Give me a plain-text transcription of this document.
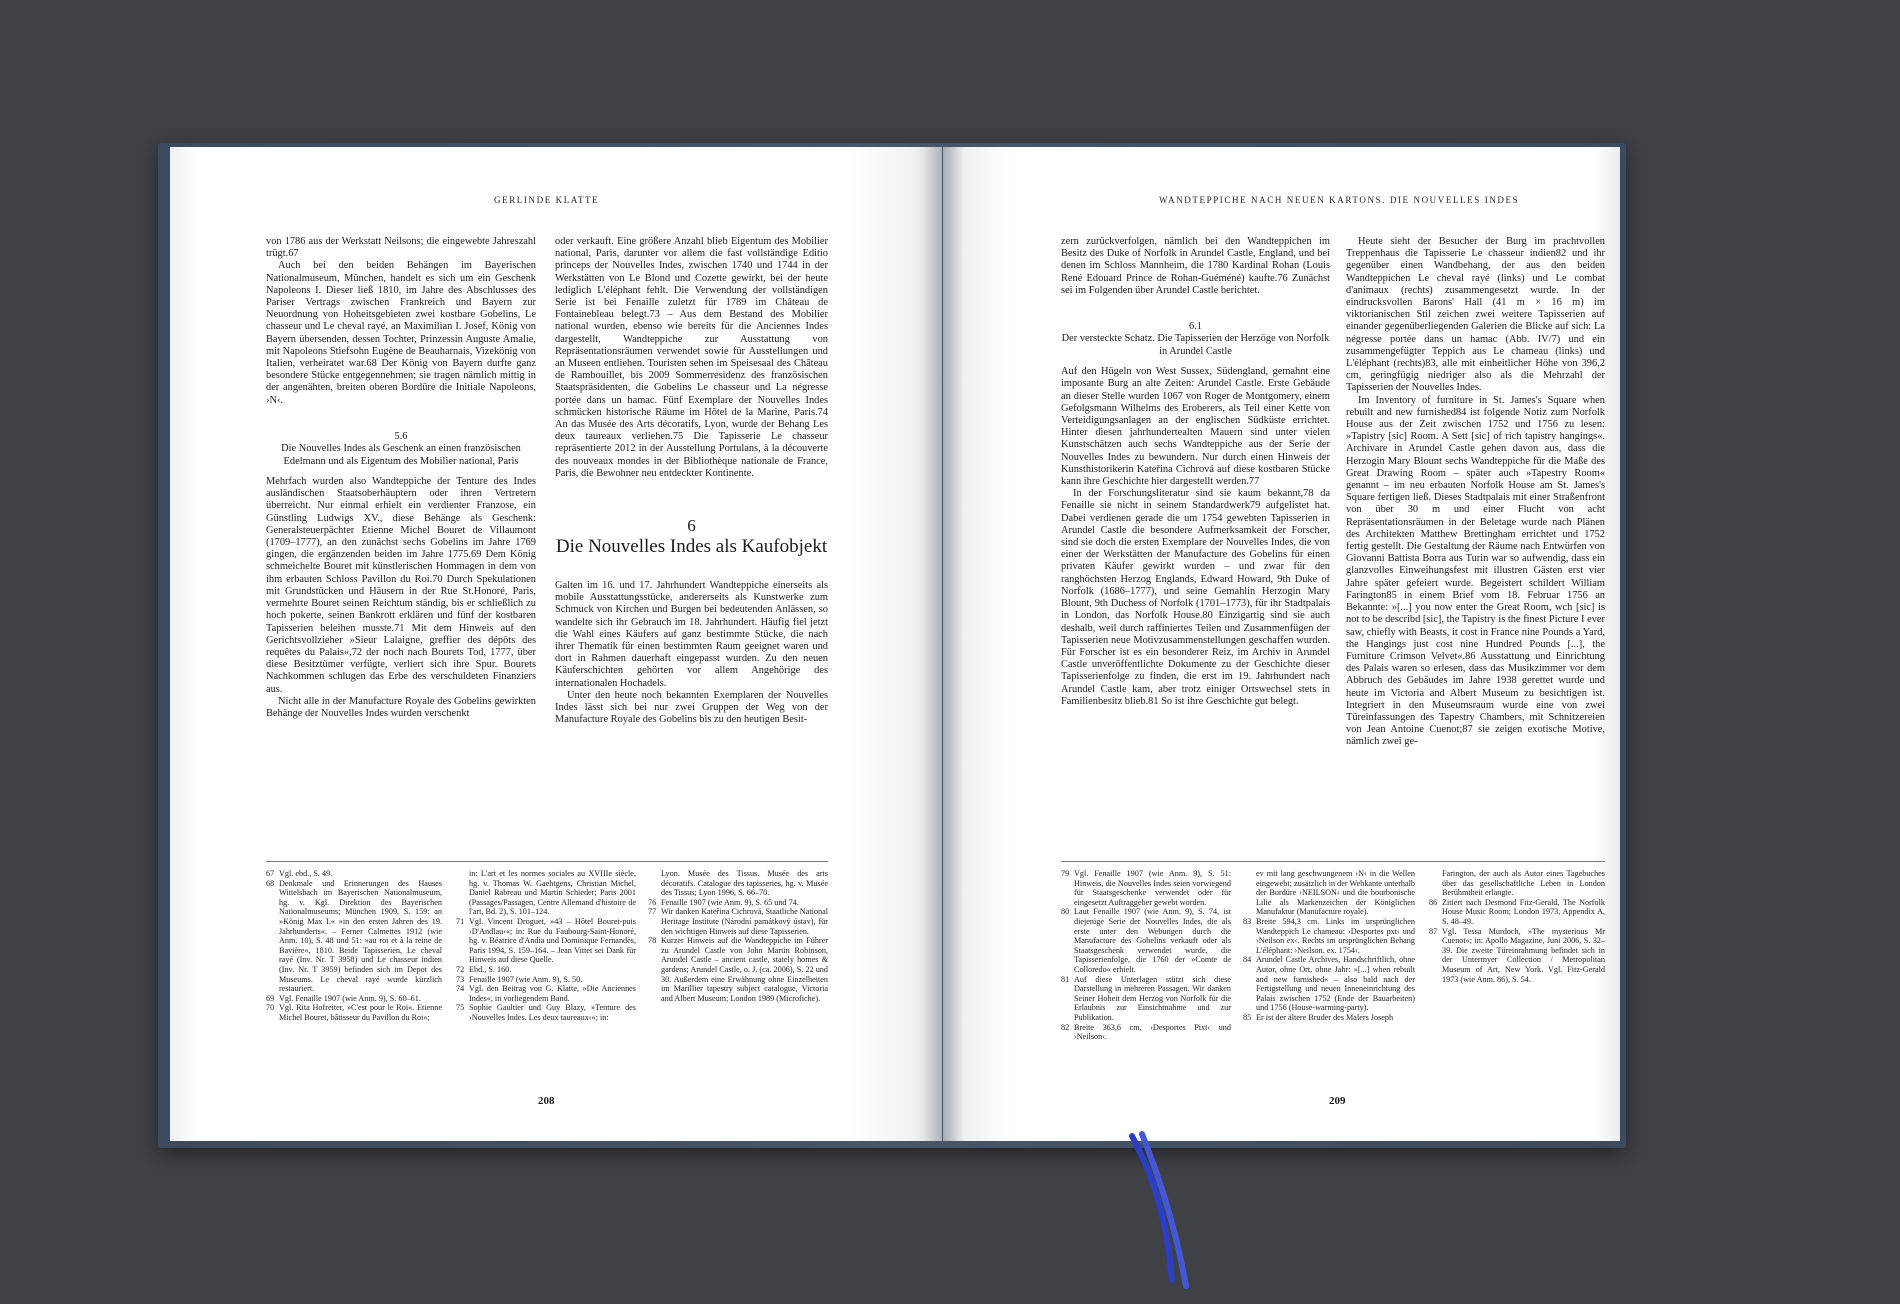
GERLINDE KLATTE

von 1786 aus der Werkstatt Neilsons; die eingewebte Jahreszahl trügt.67

Auch bei den beiden Behängen im Bayerischen Nationalmuseum, München, handelt es sich um ein Geschenk Napoleons I. Dieser ließ 1810, im Jahre des Abschlusses des Pariser Vertrags zwischen Frankreich und Bayern zur Neuordnung von Hoheitsgebieten zwei kostbare Gobelins, Le chasseur und Le cheval rayé, an Maximilian I. Josef, König von Bayern übersenden, dessen Tochter, Prinzessin Auguste Amalie, mit Napoleons Stiefsohn Eugène de Beauharnais, Vizekönig von Italien, verheiratet war.68 Der König von Bayern durfte ganz besondere Stücke entgegennehmen; sie tragen nämlich mittig in der angenähten, breiten oberen Bordüre die Initiale Napoleons, ›N‹.

5.6
Die Nouvelles Indes als Geschenk an einen französischen Edelmann und als Eigentum des Mobilier national, Paris

Mehrfach wurden also Wandteppiche der Tenture des Indes ausländischen Staatsoberhäuptern oder ihren Vertretern überreicht. Nur einmal erhielt ein verdienter Franzose, ein Günstling Ludwigs XV., diese Behänge als Geschenk: Generalsteuerpächter Etienne Michel Bouret de Villaumont (1709–1777), an den zunächst sechs Gobelins im Jahre 1769 gingen, die ergänzenden beiden im Jahre 1775.69 Dem König schmeichelte Bouret mit künstlerischen Hommagen in dem von ihm erbauten Schloss Pavillon du Roi.70 Durch Spekulationen mit Grundstücken und Häusern in der Rue St.Honoré, Paris, vermehrte Bouret seinen Reichtum ständig, bis er schließlich zu hoch pokerte, seinen Bankrott erklären und fünf der kostbaren Tapisserien beleihen musste.71 Mit dem Hinweis auf den Gerichtsvollzieher »Sieur Lalaigne, greffier des dépôts des requêtes du Palais«,72 der noch nach Bourets Tod, 1777, über diese Besitztümer verfügte, verliert sich ihre Spur. Bourets Nachkommen schlugen das Erbe des verschuldeten Finanziers aus.

Nicht alle in der Manufacture Royale des Gobelins gewirkten Behänge der Nouvelles Indes wurden verschenkt

oder verkauft. Eine größere Anzahl blieb Eigentum des Mobilier national, Paris, darunter vor allem die fast vollständige Editio princeps der Nouvelles Indes, zwischen 1740 und 1744 in der Werkstätten von Le Blond und Cozette gewirkt, bei der heute lediglich L'éléphant fehlt. Die Verwendung der vollständigen Serie ist bei Fenaille zuletzt für 1789 im Château de Fontainebleau belegt.73 – Aus dem Bestand des Mobilier national wurden, ebenso wie bereits für die Anciennes Indes dargestellt, Wandteppiche zur Ausstattung von Repräsentationsräumen verwendet sowie für Ausstellungen und an Museen entliehen. Touristen sehen im Speisesaal des Château de Rambouillet, bis 2009 Sommerresidenz des französischen Staatspräsidenten, die Gobelins Le chasseur und La négresse portée dans un hamac. Fünf Exemplare der Nouvelles Indes schmücken historische Räume im Hôtel de la Marine, Paris.74 An das Musée des Arts décoratifs, Lyon, wurde der Behang Les deux taureaux verliehen.75 Die Tapisserie Le chasseur repräsentierte 2012 in der Ausstellung Portulans, à la découverte des nouveaux mondes in der Bibliothèque nationale de France, Paris, die Bewohner neu entdeckter Kontinente.

6
Die Nouvelles Indes als Kaufobjekt

Galten im 16. und 17. Jahrhundert Wandteppiche einerseits als mobile Ausstattungsstücke, andererseits als Kunstwerke zum Schmuck von Kirchen und Burgen bei bedeutenden Anlässen, so wandelte sich ihr Gebrauch im 18. Jahrhundert. Häufig fiel jetzt die Wahl eines Käufers auf ganz bestimmte Stücke, die nach ihrer Thematik für einen bestimmten Raum geeignet waren und dort in Rahmen dauerhaft eingepasst wurden. Zu den neuen Käuferschichten gehörten vor allem Angehörige des internationalen Hochadels.

Unter den heute noch bekannten Exemplaren der Nouvelles Indes lässt sich bei nur zwei Gruppen der Weg von der Manufacture Royale des Gobelins bis zu den heutigen Besit-

67 Vgl. ebd., S. 49.
68 Denkmale und Erinnerungen des Hauses Wittelsbach im Bayerischen Nationalmuseum, hg. v. Kgl. Direktion des Bayerischen Nationalmuseums; München 1909, S. 159: an »König Max I.« »in den ersten Jahren des 19. Jahrhunderts«. – Ferner Calmettes 1912 (wie Anm. 10), S. 48 und 51: »au roi et à la reine de Bavière«, 1810. Beide Tapisserien, Le cheval rayé (Inv. Nr. T 3958) und Le chasseur indien (Inv. Nr. T 3959) befinden sich im Depot des Museums. Le cheval rayé wurde kürzlich restauriert.
69 Vgl. Fenaille 1907 (wie Anm. 9), S. 60–61.
70 Vgl. Rita Hofreiter, »C'est pour le Roi«. Etienne Michel Bouret, bâtisseur du Pavillon du Roi«;
in: L'art et les normes sociales au XVIIIe siècle, hg. v. Thomas W. Gaehtgens, Christian Michel, Daniel Rabreau und Martin Schieder; Paris 2001 (Passages/Passagen, Centre Allemand d'histoire de l'art, Bd. 2), S. 101–124.
71 Vgl. Vincent Droguet, »43 – Hôtel Bouret-puis ›D'Andlau‹«; in: Rue du Faubourg-Saint-Honoré, hg. v. Béatrice d'Andia und Dominique Fernandès, Paris 1994, S. 159–164. – Jean Vittet sei Dank für Hinweis auf diese Quelle.
72 Ebd., S. 160.
73 Fenaille 1907 (wie Anm. 9), S. 50.
74 Vgl. den Beitrag von G. Klatte, »Die Anciennes Indes«, in vorliegendem Band.
75 Sophie Gaultier und Guy Blazy, »Tenture des ›Nouvelles Indes. Les deux taureaux‹«; in:
Lyon. Musée des Tissus. Musée des arts décoratifs. Catalogue des tapisseries, hg. v. Musée des Tissus; Lyon 1996, S. 66–70.
76 Fenaille 1907 (wie Anm. 9), S. 65 und 74.
77 Wir danken Kateřina Cichrová, Staatliche National Heritage Institute (Národní památkový ústav), für den wichtigen Hinweis auf diese Tapisserien.
78 Kurzer Hinweis auf die Wandteppiche im Führer zu Arundel Castle von John Martin Robinson, Arundel Castle – ancient castle, stately homes & gardens; Arundel Castle, o. J. (ca. 2006), S. 22 und 30. Außerdem eine Erwähnung ohne Einzelheiten im Marillier tapestry subject catalogue, Victoria and Albert Museum; London 1989 (Microfiche).
208
WANDTEPPICHE NACH NEUEN KARTONS. DIE NOUVELLES INDES

zern zurückverfolgen, nämlich bei den Wandteppichen im Besitz des Duke of Norfolk in Arundel Castle, England, und bei denen im Schloss Mannheim, die 1780 Kardinal Rohan (Louis René Edouard Prince de Rohan-Guéméné) kaufte.76 Zunächst sei im Folgenden über Arundel Castle berichtet.

6.1
Der versteckte Schatz. Die Tapisserien der Herzöge von Norfolk in Arundel Castle

Auf den Hügeln von West Sussex, Südengland, gemahnt eine imposante Burg an alte Zeiten: Arundel Castle. Erste Gebäude an dieser Stelle wurden 1067 von Roger de Montgomery, einem Gefolgsmann Wilhelms des Eroberers, als Teil einer Kette von Verteidigungsanlagen an der englischen Südküste errichtet. Hinter diesen jahrhundertealten Mauern sind unter vielen Kunstschätzen auch sechs Wandteppiche aus der Serie der Nouvelles Indes zu bewundern. Nur durch einen Hinweis der Kunsthistorikerin Kateřina Cichrová auf diese kostbaren Stücke kann ihre Geschichte hier dargestellt werden.77

In der Forschungsliteratur sind sie kaum bekannt,78 da Fenaille sie nicht in seinem Standardwerk79 aufgelistet hat. Dabei verdienen gerade die um 1754 gewebten Tapisserien in Arundel Castle die besondere Aufmerksamkeit der Forscher, sind sie doch die ersten Exemplare der Nouvelles Indes, die von einer der Werkstätten der Manufacture des Gobelins für einen privaten Käufer gewirkt wurden – und zwar für den ranghöchsten Herzog Englands, Edward Howard, 9th Duke of Norfolk (1686–1777), und seine Gemahlin Herzogin Mary Blount, 9th Duchess of Norfolk (1701–1773), für ihr Stadtpalais in London, das Norfolk House.80 Einzigartig sind sie auch deshalb, weil durch raffiniertes Teilen und Zusammenfügen der Tapisserien neue Motivzusammenstellungen geschaffen wurden. Für Forscher ist es ein besonderer Reiz, im Archiv in Arundel Castle unveröffentlichte Dokumente zu der Geschichte dieser Tapisserienfolge zu finden, die erst im 19. Jahrhundert nach Arundel Castle kam, aber trotz einiger Ortswechsel stets in Familienbesitz blieb.81 So ist ihre Geschichte gut belegt.

Heute sieht der Besucher der Burg im prachtvollen Treppenhaus die Tapisserie Le chasseur indien82 und ihr gegenüber einen Wandbehang, der aus den beiden Wandteppichen Le cheval rayé (links) und Le combat d'animaux (rechts) zusammengesetzt wurde. In der eindrucksvollen Barons' Hall (41 m × 16 m) im viktorianischen Stil zeichen zwei weitere Tapisserien auf einander gegenüberliegenden Galerien die Blicke auf sich: La négresse portée dans un hamac (Abb. IV/7) und ein zusammengefügter Teppich aus Le chameau (links) und L'éléphant (rechts)83, alle mit einheitlicher Höhe von 396,2 cm, geringfügig niedriger also als die Mehrzahl der Tapisserien der Nouvelles Indes.

Im Inventory of furniture in St. James's Square when rebuilt and new furnished84 ist folgende Notiz zum Norfolk House aus der Zeit zwischen 1752 und 1756 zu lesen: »Tapistry [sic] Room. A Sett [sic] of rich tapistry hangings«. Archivare in Arundel Castle gehen davon aus, dass die Herzogin Mary Blount sechs Wandteppiche für die Maße des Great Drawing Room – später auch »Tapestry Room« genannt – im neu erbauten Norfolk House am St. James's Square fertigen ließ. Dieses Stadtpalais mit einer Straßenfront von über 30 m und einer Flucht von acht Repräsentationsräumen in der Beletage wurde nach Plänen des Architekten Matthew Brettingham errichtet und 1752 fertig gestellt. Die Gestaltung der Räume nach Entwürfen von Giovanni Battista Borra aus Turin war so aufwendig, dass ein glanzvolles Einweihungsfest mit illustren Gästen erst vier Jahre später gefeiert wurde. Begeistert schildert William Farington85 in einem Brief vom 18. Februar 1756 an Bekannte: »[...] you now enter the Great Room, wch [sic] is not to be describd [sic], the Tapistry is the finest Picture I ever saw, chiefly with Beasts, it cost in France nine Pounds a Yard, the Hangings just cost nine Hundred Pounds [...], the Furniture Crimson Velvet«.86 Ausstattung und Einrichtung des Palais waren so erlesen, dass das Musikzimmer vor dem Abbruch des Gebäudes im Jahre 1938 gerettet wurde und heute im Victoria and Albert Museum zu besichtigen ist. Integriert in den Museumsraum wurde eine von zwei Türeinfassungen des Tapestry Chambers, mit Schnitzereien von Jean Antoine Cuenot;87 sie zeigen exotische Motive, nämlich zwei ge-

79 Vgl. Fenaille 1907 (wie Anm. 9), S. 51: Hinweis, die Nouvelles Indes seien vorwiegend für Staatsgeschenke verwendet oder für eingesetzt Auftraggeber gewebt worden.
80 Laut Fenaille 1907 (wie Anm. 9), S. 74, ist diejenige Serie der Nouvelles Indes, die als erste unter den Webungen durch die Manufacture des Gobelins verkauft oder als Staatsgeschenk verwendet wurde, die Tapisserienfolge, die 1760 der »Comte de Colloredo« erhielt.
81 Auf diese Unterlagen stützt sich diese Darstellung in mehreren Passagen. Wir danken Seiner Hoheit dem Herzog von Norfolk für die Erlaubnis zur Einsichtnahme und zur Publikation.
82 Breite 363,6 cm, ›Desportes Pixt‹ und ›Neilson‹.
ev mit lang geschwungenem ›N‹ in die Wellen eingewebt; zusätzlich in der Webkante unterhalb der Bordüre ›NEILSON‹ und die bourbonische Lilie als Markenzeichen der Königlichen Manufaktur (Manufacture royale).
83 Breite 594,3 cm. Links im ursprünglichen Wandteppich Le chameau: ›Desportes pxt‹ und ›Neilson ex‹. Rechts im ursprünglichen Behang L'éléphant: ›Neilson. ex. 1754‹.
84 Arundel Castle Archives, Handschriftlich, ohne Autor, ohne Ort, ohne Jahr: »[...] when rebuilt and new furnished« – also bald nach der Fertigstellung und neuen Inneneinrichtung des Palais zwischen 1752 (Ende der Bauarbeiten) und 1756 (House-warming-party).
85 Er ist der ältere Bruder des Malers Joseph
Farington, der auch als Autor eines Tagebuches über das gesellschaftliche Leben in London Berühmtheit erlangte.
86 Zitiert nach Desmond Fitz-Gerald, The Norfolk House Music Room; London 1973, Appendix A, S. 48–49.
87 Vgl. Tessa Murdoch, »The mysterious Mr Cuenot«; in: Apollo Magazine, Juni 2006, S. 32–39. Die zweite Türeinrahmung befindet sich in der Untermyer Collection / Metropolitan Museum of Art, New York. Vgl. Fitz-Gerald 1973 (wie Anm. 86), S. 54.
209
